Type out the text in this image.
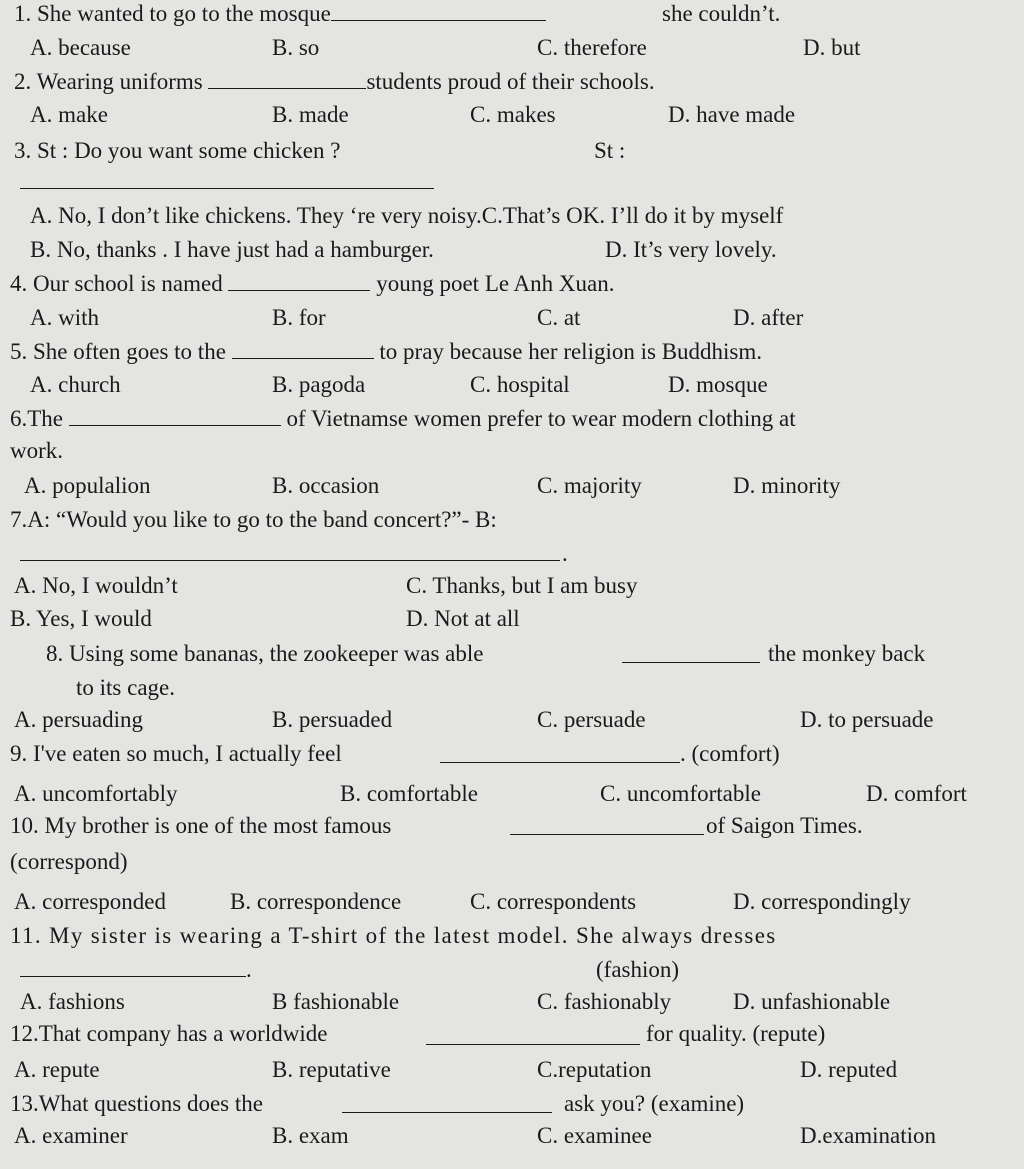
1. She wanted to go to the mosque	she couldn’t.
A. because	B. so	C. therefore	D. but
2. Wearing uniforms	students proud of their schools.
A. make	B. made	C. makes	D. have made
3. St : Do you want some chicken ?	St :
A. No, I don’t like chickens. They ‘re very noisy.C.That’s OK. I’ll do it by myself
B. No, thanks . I have just had a hamburger.	D. It’s very lovely.
4. Our school is named	young poet Le Anh Xuan.
A. with	B. for	C. at	D. after
5. She often goes to the	to pray because her religion is Buddhism.
A. church	B. pagoda	C. hospital	D. mosque
6.The	of Vietnamse women prefer to wear modern clothing at
work.
A. populalion	B. occasion	C. majority	D. minority
7.A: “Would you like to go to the band concert?”- B:
.
A. No, I wouldn’t	C. Thanks, but I am busy
B. Yes, I would	D. Not at all
8. Using some bananas, the zookeeper was able	the monkey back
to its cage.
A. persuading	B. persuaded	C. persuade	D. to persuade
9. I've eaten so much, I actually feel	. (comfort)
A. uncomfortably	B. comfortable	C. uncomfortable	D. comfort
10. My brother is one of the most famous	of Saigon Times.
(correspond)
A. corresponded	B. correspondence	C. correspondents	D. correspondingly
11. My sister is wearing a T-shirt of the latest model. She always dresses
.	(fashion)
A. fashions	B fashionable	C. fashionably	D. unfashionable
12.That company has a worldwide	for quality. (repute)
A. repute	B. reputative	C.reputation	D. reputed
13.What questions does the	ask you? (examine)
A. examiner	B. exam	C. examinee	D.examination
